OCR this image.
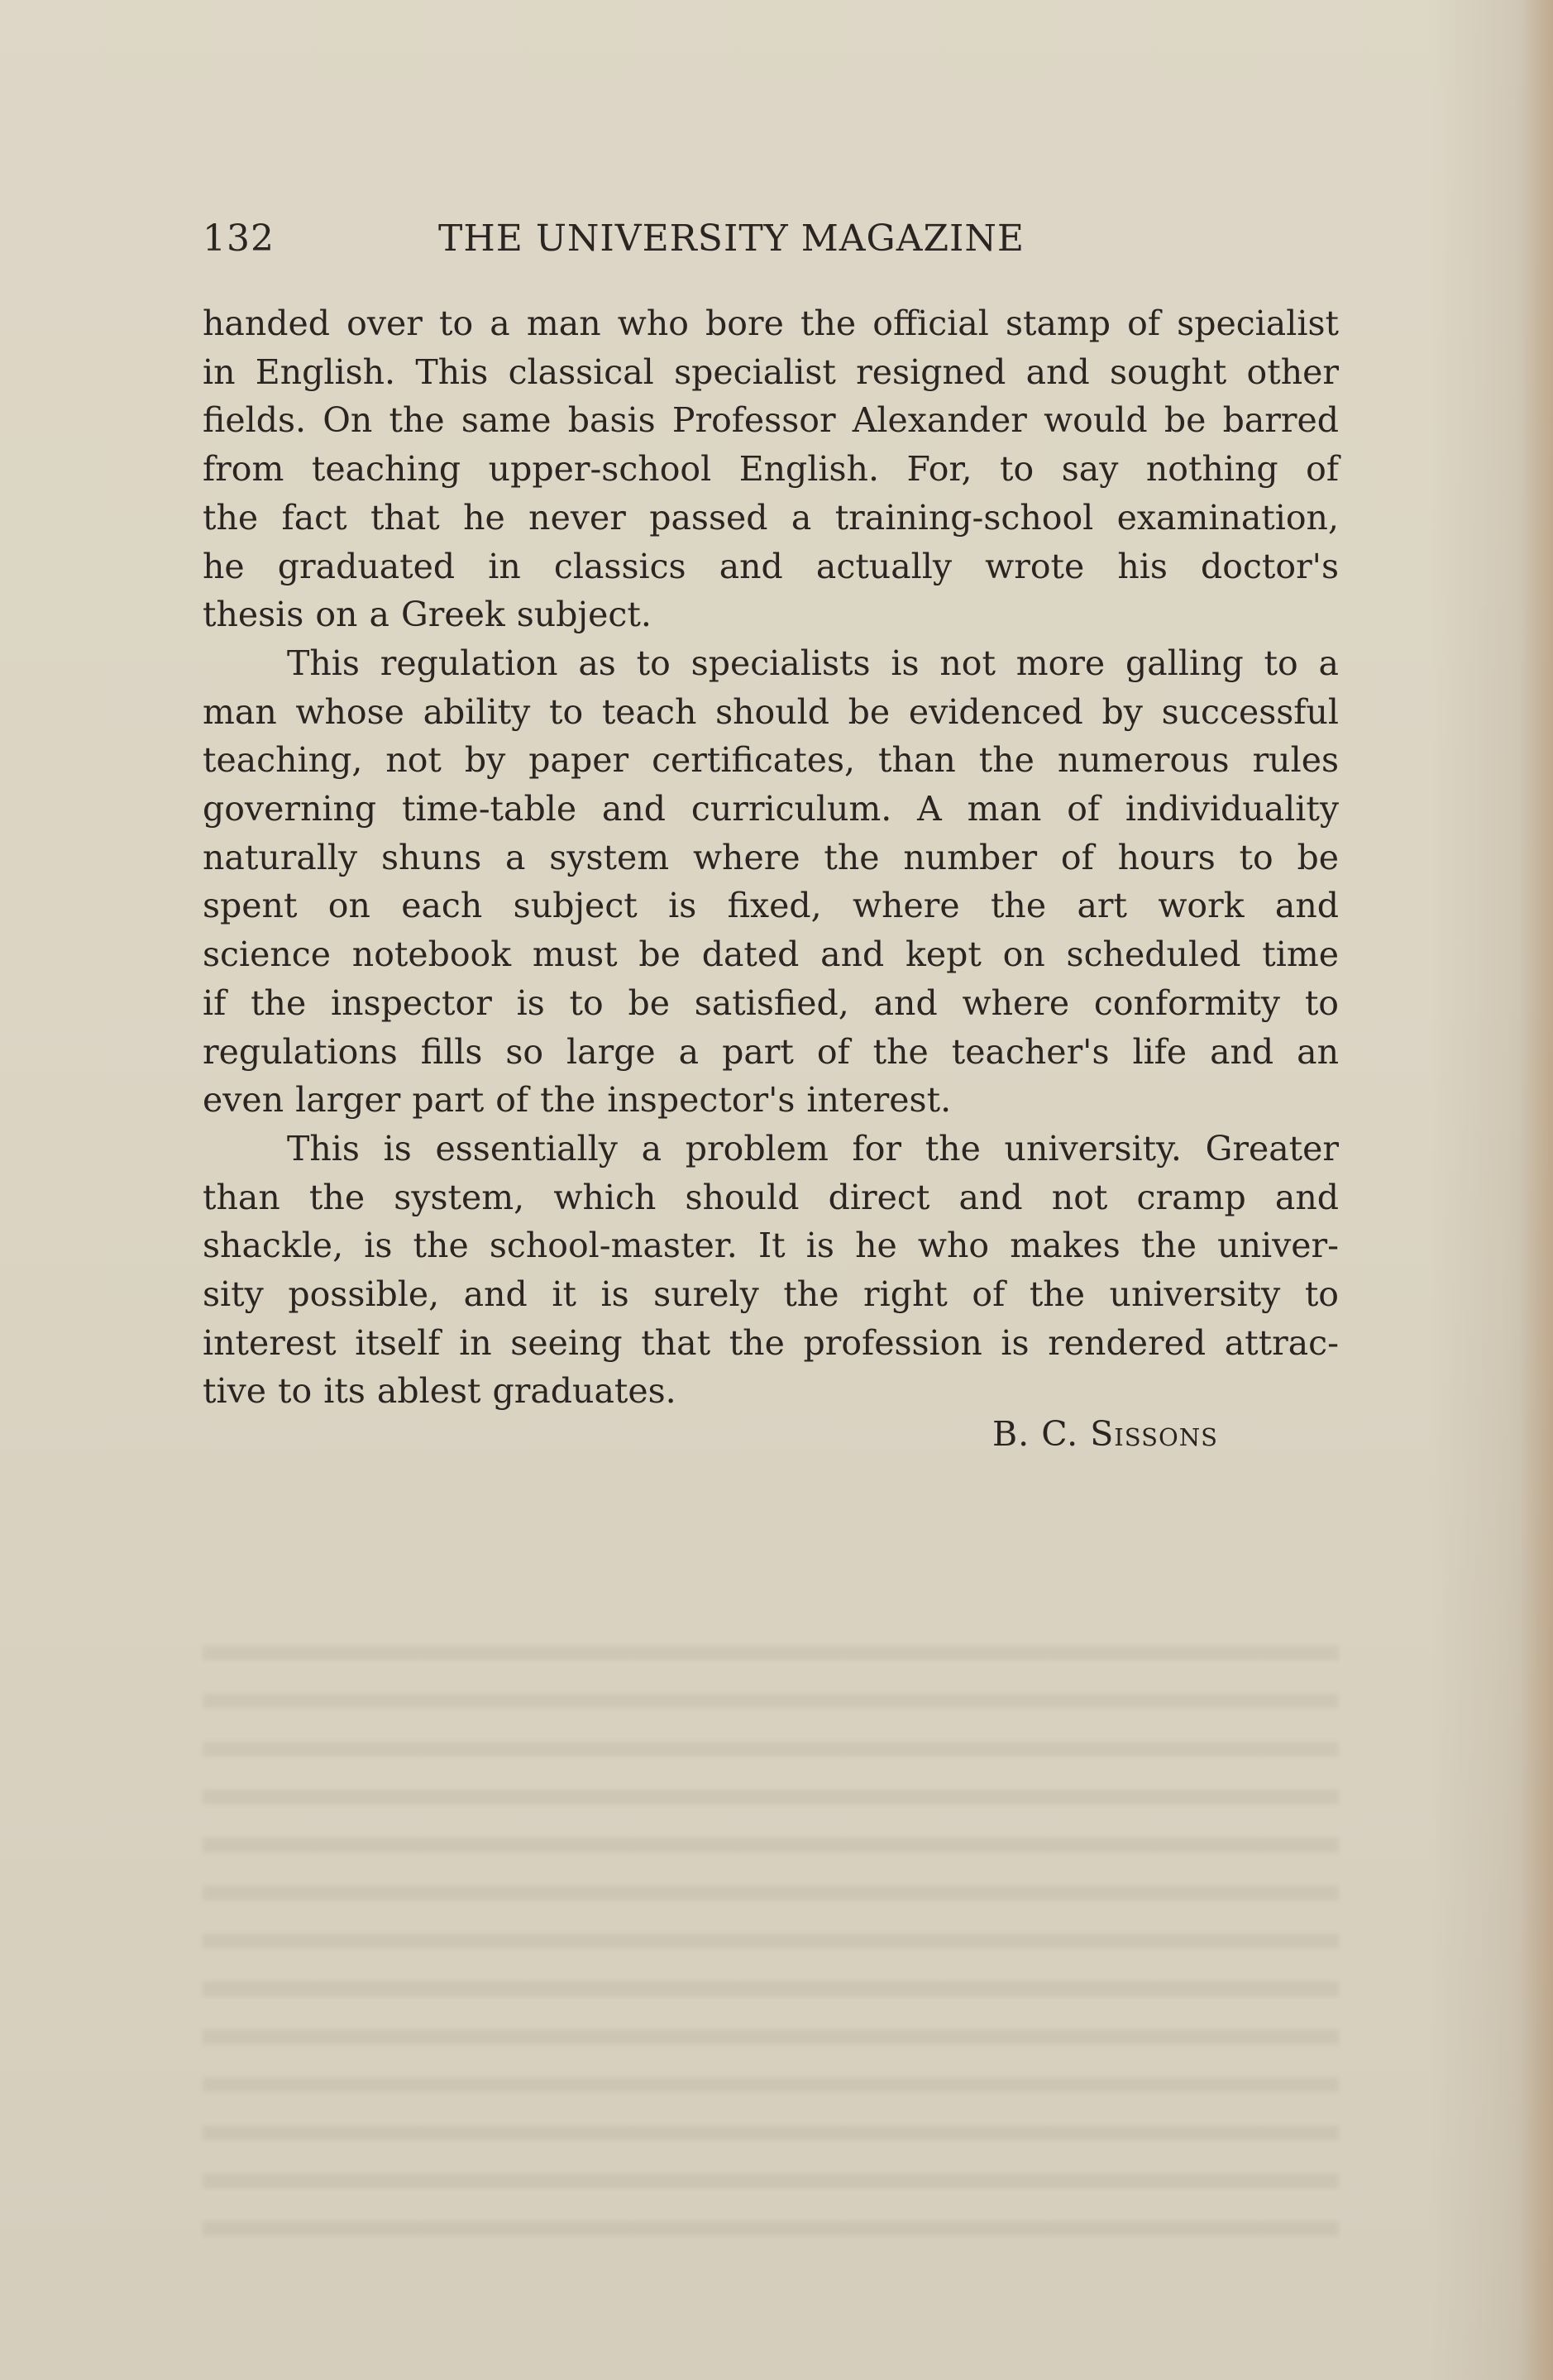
132	THE UNIVERSITY MAGAZINE

handed over to a man who bore the official stamp of specialist
in English. This classical specialist resigned and sought other
fields. On the same basis Professor Alexander would be barred
from teaching upper-school English. For, to say nothing of
the fact that he never passed a training-school examination,
he graduated in classics and actually wrote his doctor's
thesis on a Greek subject.

This regulation as to specialists is not more galling to a
man whose ability to teach should be evidenced by successful
teaching, not by paper certificates, than the numerous rules
governing time-table and curriculum. A man of individuality
naturally shuns a system where the number of hours to be
spent on each subject is fixed, where the art work and
science notebook must be dated and kept on scheduled time
if the inspector is to be satisfied, and where conformity to
regulations fills so large a part of the teacher's life and an
even larger part of the inspector's interest.

This is essentially a problem for the university. Greater
than the system, which should direct and not cramp and
shackle, is the school-master. It is he who makes the univer-
sity possible, and it is surely the right of the university to
interest itself in seeing that the profession is rendered attrac-
tive to its ablest graduates.

B. C. Sissons
